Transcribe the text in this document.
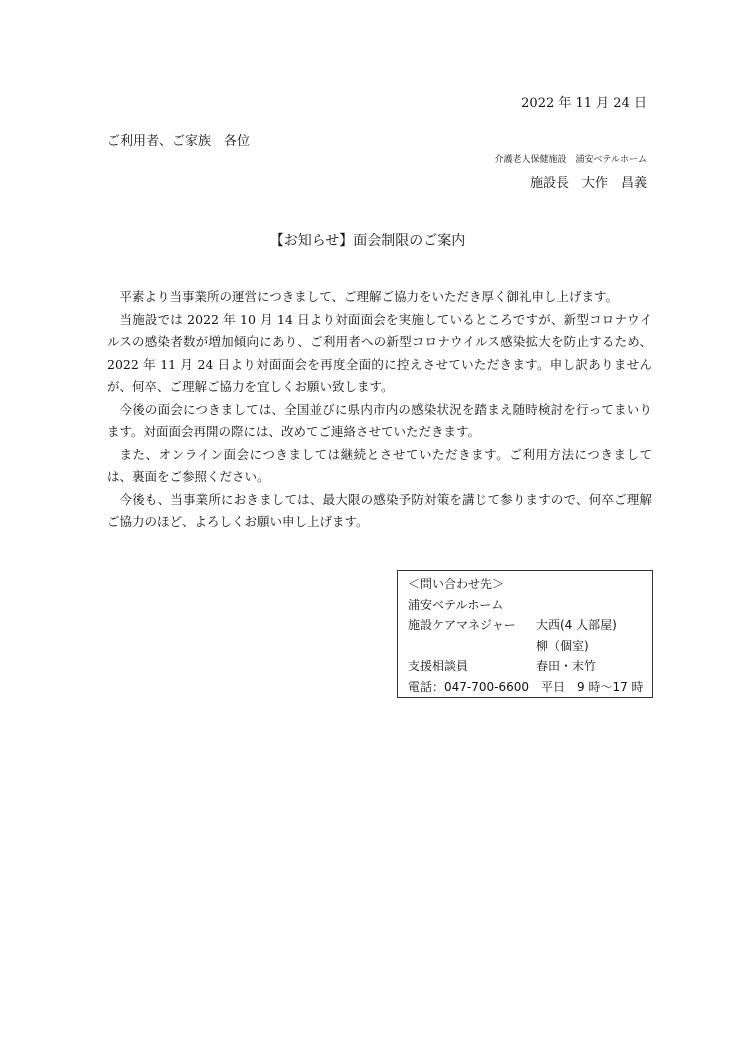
2022 年 11 月 24 日
ご利用者、ご家族　各位
介護老人保健施設　浦安ベテルホーム
施設長　大作　昌義
【お知らせ】面会制限のご案内

平素より当事業所の運営につきまして、ご理解ご協力をいただき厚く御礼申し上げます。

当施設では 2022 年 10 月 14 日より対面面会を実施しているところですが、新型コロナウイルスの感染者数が増加傾向にあり、ご利用者への新型コロナウイルス感染拡大を防止するため、2022 年 11 月 24 日より対面面会を再度全面的に控えさせていただきます。申し訳ありませんが、何卒、ご理解ご協力を宜しくお願い致します。

今後の面会につきましては、全国並びに県内市内の感染状況を踏まえ随時検討を行ってまいります。対面面会再開の際には、改めてご連絡させていただきます。

また、オンライン面会につきましては継続とさせていただきます。ご利用方法につきましては、裏面をご参照ください。

今後も、当事業所におきましては、最大限の感染予防対策を講じて参りますので、何卒ご理解ご協力のほど、よろしくお願い申し上げます。

＜問い合わせ先＞
浦安ベテルホーム
施設ケアマネジャー 大西(4 人部屋)
柳（個室)
支援相談員	春田・末竹
電話：047-700-6600　平日　9 時〜17 時
